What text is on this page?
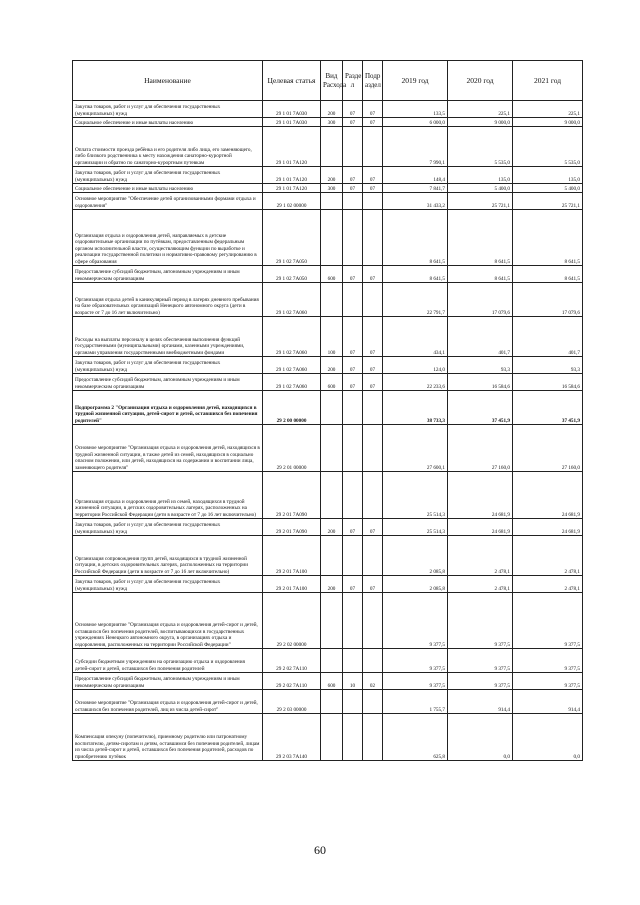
Наименование	Целевая статья	Вид Расхода	Разде л	Подр аздел	2019 год	2020 год	2021 год
Закупка товаров, работ и услуг для обеспечения государственных (муниципальных) нужд	29 1 01 7А030	200	07	07	133,5	225,1	225,1
Социальное обеспечение и иные выплаты населению	29 1 01 7А030	300	07	07	6 000,0	9 000,0	9 000,0
Оплата стоимости проезда ребёнка и его родителя либо лица, его заменяющего, либо близкого родственника к месту нахождения санаторно-курортной организации и обратно по санаторно-курортным путевкам	29 1 01 7А120				7 990,1	5 535,0	5 535,0
Закупка товаров, работ и услуг для обеспечения государственных (муниципальных) нужд	29 1 01 7А120	200	07	07	148,4	135,0	135,0
Социальное обеспечение и иные выплаты населению	29 1 01 7А120	300	07	07	7 841,7	5 400,0	5 400,0
Основное мероприятие "Обеспечение детей организованными формами отдыха и оздоровления"	29 1 02 00000				31 433,2	25 721,1	25 721,1
Организация отдыха и оздоровления детей, направляемых в детские оздоровительные организации по путёвкам, предоставленным федеральным органом исполнительной власти, осуществляющим функции по выработке и реализации государственной политики и нормативно-правовому регулированию в сфере образования	29 1 02 7А050				8 641,5	8 641,5	8 641,5
Предоставление субсидий бюджетным, автономным учреждениям и иным некоммерческим организациям	29 1 02 7А050	600	07	07	8 641,5	8 641,5	8 641,5
Организация отдыха детей в каникулярный период в лагерях дневного пребывания на базе образовательных организаций Ненецкого автономного округа (дети в возрасте от 7 до 16 лет включительно)	29 1 02 7А060				22 791,7	17 079,6	17 079,6
Расходы на выплаты персоналу в целях обеспечения выполнения функций государственными (муниципальными) органами, казенными учреждениями, органами управления государственными внебюджетными фондами	29 1 02 7А060	100	07	07	434,1	401,7	401,7
Закупка товаров, работ и услуг для обеспечения государственных (муниципальных) нужд	29 1 02 7А060	200	07	07	124,0	93,3	93,3
Предоставление субсидий бюджетным, автономным учреждениям и иным некоммерческим организациям	29 1 02 7А060	600	07	07	22 233,6	16 584,6	16 584,6
Подпрограмма 2 "Организация отдыха и оздоровления детей, находящихся в трудной жизненной ситуации, детей-сирот и детей, оставшихся без попечения родителей"	29 2 00 00000				38 733,3	37 451,9	37 451,9
Основное мероприятие "Организация отдыха и оздоровления детей, находящихся в трудной жизненной ситуации, в также детей из семей, находящихся в социально опасном положении, или детей, находящихся на содержании и воспитании лица, заменяющего родителя"	29 2 01 00000				27 600,1	27 160,0	27 160,0
Организация отдыха и оздоровления детей из семей, находящихся в трудной жизненной ситуации, в детских оздоровительных лагерях, расположенных на территории Российской Федерации (дети в возрасте от 7 до 16 лет включительно)	29 2 01 7А090				25 514,3	24 681,9	24 681,9
Закупка товаров, работ и услуг для обеспечения государственных (муниципальных) нужд	29 2 01 7А090	200	07	07	25 514,3	24 681,9	24 681,9
Организация сопровождения групп детей, находящихся в трудной жизненной ситуации, в детских оздоровительных лагерях, расположенных на территории Российской Федерации (дети в возрасте от 7 до 16 лет включительно)	29 2 01 7А100				2 085,8	2 478,1	2 478,1
Закупка товаров, работ и услуг для обеспечения государственных (муниципальных) нужд	29 2 01 7А100	200	07	07	2 085,8	2 478,1	2 478,1
Основное мероприятие "Организация отдыха и оздоровления детей-сирот и детей, оставшихся без попечения родителей, воспитывающихся в государственных учреждениях Ненецкого автономного округа, в организациях отдыха и оздоровления, расположенных на территории Российской Федерации"	29 2 02 00000				9 377,5	9 377,5	9 377,5
Субсидии бюджетным учреждениям на организацию отдыха и оздоровления детей-сирот и детей, оставшихся без попечения родителей	29 2 02 7А110				9 377,5	9 377,5	9 377,5
Предоставление субсидий бюджетным, автономным учреждениям и иным некоммерческим организациям	29 2 02 7А110	600	10	02	9 377,5	9 377,5	9 377,5
Основное мероприятие "Организация отдыха и оздоровления детей-сирот и детей, оставшихся без попечения родителей, лиц из числа детей-сирот"	29 2 03 00000				1 755,7	914,4	914,4
Компенсация опекуну (попечителю), приемному родителю или патронатному воспитателю, детям-сиротам и детям, оставшимся без попечения родителей, лицам из числа детей-сирот и детей, оставшихся без попечения родителей, расходов по приобретению путёвок	29 2 03 7А140				625,8	0,0	0,0
60
